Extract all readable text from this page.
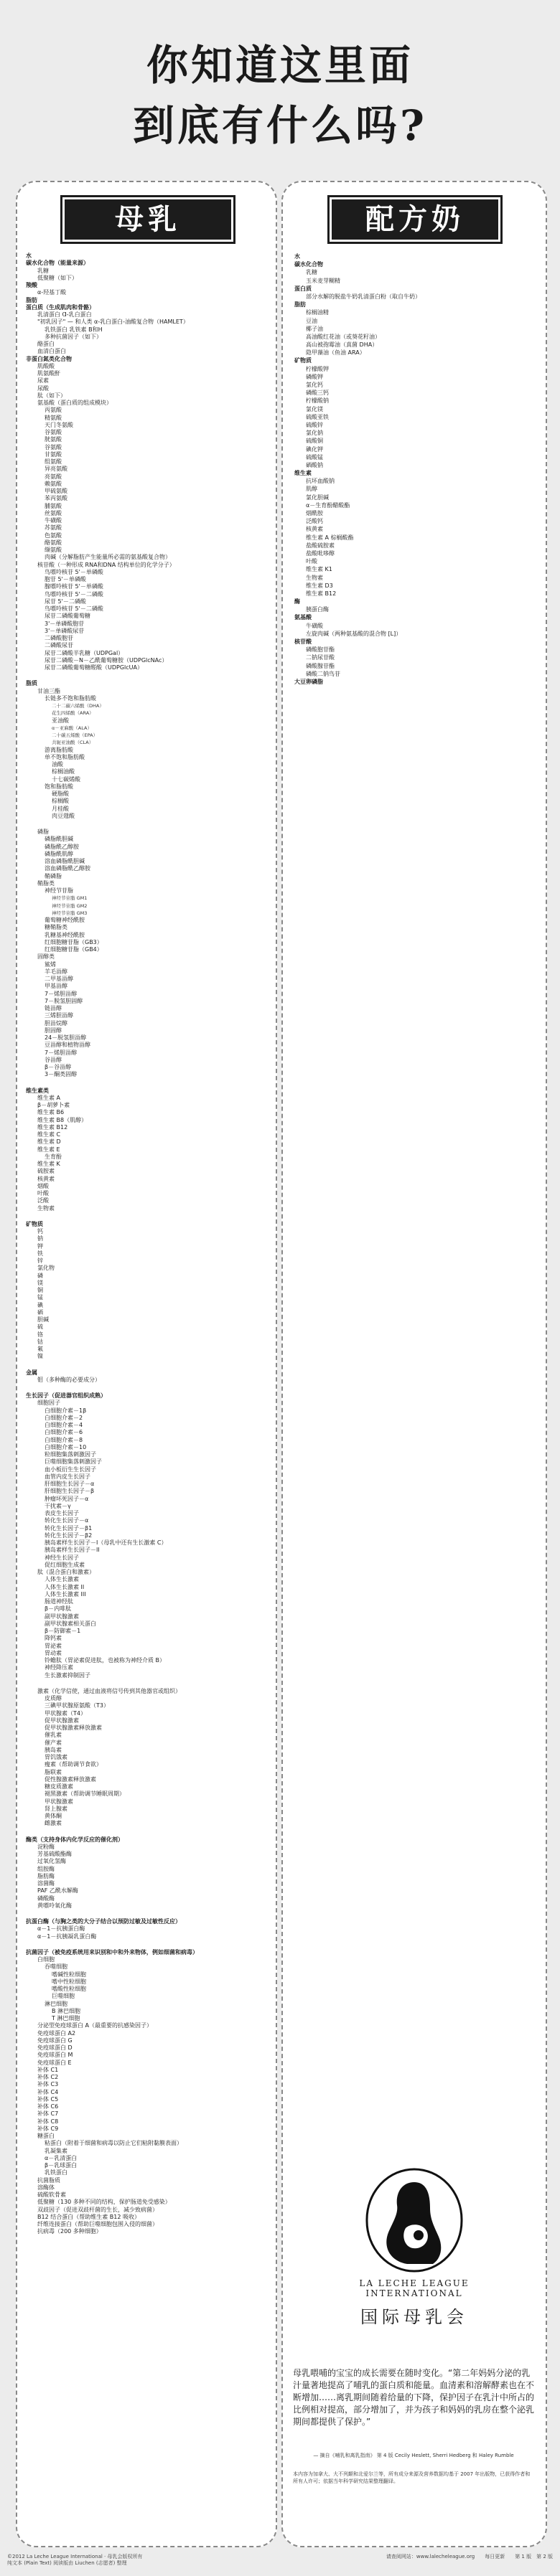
你知道这里面
到底有什么吗?
母乳
水
碳水化合物（能量来源）
乳糖
低聚糖（如下）
羧酸
α-羟基丁酸
脂肪
蛋白质（生成肌肉和骨骼）
乳清蛋白 Ɑ-乳白蛋白
"初乳因子" — 和人类 α-乳白蛋白-油酸复合物（HAMLET）
乳铁蛋白 乳铁素 B和H
多种抗菌因子（如下）
酪蛋白
血清白蛋白
非蛋白氮类化合物
肌酸酸
肌氨酸酐
尿素
尿酸
肽（如下）
氨基酸（蛋白质的组成模块）
丙氨酸
精氨酸
天门冬氨酸
谷氨酸
胱氨酸
谷氨酸
甘氨酸
组氨酸
异亮氨酸
亮氨酸
赖氨酸
甲硫氨酸
苯丙氨酸
脯氨酸
丝氨酸
牛磺酸
苏氨酸
色氨酸
酪氨酸
缬氨酸
肉碱（分解脂肪产生能量所必需的氨基酸复合物）
核苷酸（一种形成 RNA和DNA 结构单位的化学分子）
鸟嘌呤核苷 5'－单磷酸
胞苷 5'－单磷酸
腺嘌呤核苷 5'－单磷酸
鸟嘌呤核苷 5'－二磷酸
尿苷 5'－二磷酸
鸟嘌呤核苷 5'－二磷酸
尿苷二磷酸葡萄糖
3'－单磷酸胞苷
3'－单磷酸尿苷
二磷酸胞苷
二磷酸尿苷
尿苷二磷酸半乳糖（UDPGal）
尿苷二磷酸－N－乙酰葡萄糖胺（UDPGlcNAc）
尿苷二磷酸葡萄糖醛酸（UDPGlcUA）
脂质
甘油三酯
长链多不饱和脂肪酸
二十二碳六烯酸（DHA）
花生四烯酸（ARA）
亚油酸
α－亚麻酸（ALA）
二十碳五烯酸（EPA）
共轭亚油酸（CLA）
游离脂肪酸
单不饱和脂肪酸
油酸
棕榈油酸
十七碳烯酸
饱和脂肪酸
硬脂酸
棕榈酸
月桂酸
肉豆蔻酸
磷脂
磷脂酰胆碱
磷脂酰乙醇胺
磷脂酰肌醇
溶血磷脂酰胆碱
溶血磷脂酰乙醇胺
鞘磷脂
鞘脂类
神经节苷脂
神经节苷脂 GM1
神经节苷脂 GM2
神经节苷脂 GM3
葡萄糖神经酰胺
糖鞘脂类
乳糖基神经酰胺
红细胞糖苷脂（GB3）
红细胞糖苷脂（GB4）
固醇类
鲨烯
羊毛甾醇
二甲基甾醇
甲基甾醇
7－烯胆甾醇
7－脱氢胆固醇
链甾醇
三烯胆甾醇
胆甾烷醇
胆固醇
24－脱氢胆甾醇
豆甾醇和植物甾醇
7－烯胆甾醇
谷甾醇
β－谷甾醇
3－酮类固醇
维生素类
维生素 A
β－胡萝卜素
维生素 B6
维生素 B8（肌醇）
维生素 B12
维生素 C
维生素 D
维生素 E
生育酚
维生素 K
硫胺素
核黄素
烟酸
叶酸
泛酸
生物素
矿物质
钙
钠
钾
铁
锌
氯化物
磷
镁
铜
锰
碘
硒
胆碱
硫
铬
钴
氟
镍
金属
钼（多种酶的必要成分）
生长因子（促进器官组织成熟）
细胞因子
白细胞介素－1β
白细胞介素－2
白细胞介素－4
白细胞介素－6
白细胞介素－8
白细胞介素－10
粒细胞集落刺激因子
巨噬细胞集落刺激因子
血小板衍生生长因子
血管内皮生长因子
肝细胞生长因子－α
肝细胞生长因子－β
肿瘤坏死因子－α
干扰素－γ
表皮生长因子
转化生长因子－α
转化生长因子－β1
转化生长因子－β2
胰岛素样生长因子－I（母乳中还有生长激素 C）
胰岛素样生长因子－II
神经生长因子
促红细胞生成素
肽（混合蛋白和激素）
人体生长激素
人体生长激素 II
人体生长激素 III
肠道神经肽
β－内啡肽
副甲状腺激素
副甲状腺素相关蛋白
β－防御素－1
降钙素
胃泌素
胃动素
铃蟾肽（胃泌素促进肽，也被称为神经介质 B）
神经降压素
生长激素抑制因子
激素（化学信使，通过血液将信号传到其他器官或组织）
皮质醇
三碘甲状腺原氨酸（T3）
甲状腺素（T4）
促甲状腺激素
促甲状腺激素释放激素
催乳素
催产素
胰岛素
胃饥饿素
瘦素（帮助调节食欲）
脂联素
促性腺激素释放激素
糖皮质激素
褪黑激素（帮助调节睡眠周期）
甲状腺激素
肾上腺素
黄体酮
雌激素
酶类（支持身体内化学反应的催化剂）
淀粉酶
芳基硫酸酯酶
过氧化氢酶
组胺酶
脂肪酶
溶菌酶
PAF 乙酰水解酶
磷酸酶
黄嘌呤氧化酶
抗蛋白酶（与胸之类的大分子结合以预防过敏及过敏性反应）
α－1－抗胰蛋白酶
α－1－抗胰凝乳蛋白酶
抗菌因子（被免疫系统用来识别和中和外来物体，例如细菌和病毒）
白细胞
吞噬细胞
嗜碱性粒细胞
嗜中性粒细胞
嗜酸性粒细胞
巨噬细胞
淋巴细胞
B 淋巴细胞
T 淋巴细胞
分泌型免疫球蛋白 A（最重要的抗感染因子）
免疫球蛋白 A2
免疫球蛋白 G
免疫球蛋白 D
免疫球蛋白 M
免疫球蛋白 E
补体 C1
补体 C2
补体 C3
补体 C4
补体 C5
补体 C6
补体 C7
补体 C8
补体 C9
糖蛋白
粘蛋白（附着于细菌和病毒以防止它们粘附黏膜表面）
乳凝集素
α－乳清蛋白
β－乳球蛋白
乳铁蛋白
抗菌脂质
溶酶体
硫酸软骨素
低聚糖（130 多种不同的结构，保护肠道免受感染）
双歧因子（促进双歧杆菌的生长，减少致病菌）
B12 结合蛋白（帮助维生素 B12 吸收）
纤维连接蛋白（帮助巨噬细胞包围入侵的细菌）
抗病毒（200 多种细胞）
配方奶
水
碳水化合物
乳糖
玉米麦芽糊精
蛋白质
部分水解的脱盐牛奶乳清蛋白粉（取自牛奶）
脂肪
棕榈油精
豆油
椰子油
高油酸红花油（或葵花籽油）
高山被孢霉油（真菌 DHA）
隐甲藻油（鱼油 ARA）
矿物质
柠檬酸钾
磷酸钾
氯化钙
磷酸三钙
柠檬酸钠
氯化镁
硫酸亚铁
硫酸锌
氯化钠
硫酸铜
碘化钾
硫酸锰
硒酸钠
维生素
抗坏血酸钠
肌醇
氯化胆碱
α－生育酚醋酸酯
烟酰胺
泛酸钙
核黄素
维生素 A 棕榈酸酯
盐酸硫胺素
盐酸吡哆醇
叶酸
维生素 K1
生物素
维生素 D3
维生素 B12
酶
胰蛋白酶
氨基酸
牛磺酸
左旋肉碱（两种氨基酸的混合物 [L]）
核苷酸
磷酸胞苷酯
二钠尿苷酸
磷酸腺苷酯
磷酸二钠鸟苷
大豆卵磷脂
LA LECHE LEAGUE INTERNATIONAL
国际母乳会
母乳喂哺的宝宝的成长需要在随时变化。“第二年妈妈分泌的乳汁量著地提高了哺乳的蛋白质和能量。血清素和溶解酵素也在不断增加……离乳期间随着给量的下降，保护因子在乳汁中所占的比例相对提高，部分增加了，并为孩子和妈妈的乳房在整个泌乳期间都提供了保护。”
— 摘自《哺乳和离乳指南》 第 4 版 Cecily Heslett, Sherri Hedberg 和 Haley Rumble
本内容为加拿大、大不列颠和北爱尔兰等，所有成分来源及营养数据均基于 2007 年出版物，已获得作者和所有人许可；依据当年科学研究结果整理翻译。
©2012 La Leche League International · 母乳会版权所有
纯文本 (Plain Text) 阅读版由 Liuchen (志愿者) 整理
请查阅网站：www.lalecheleague.org　　每日更新　　第 1 版　第 2 版
